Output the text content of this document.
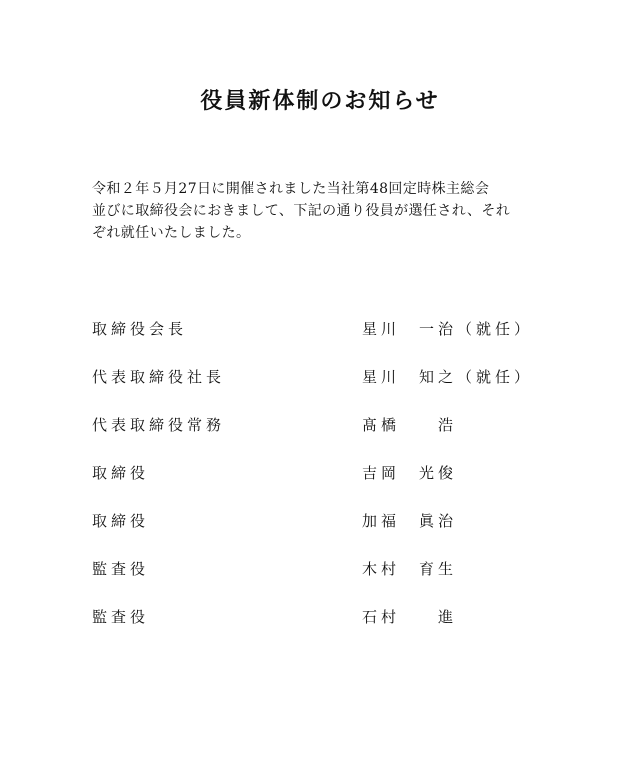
役員新体制のお知らせ
令和２年５月27日に開催されました当社第48回定時株主総会
並びに取締役会におきまして、下記の通り役員が選任され、それ
ぞれ就任いたしました。
取締役会長	星川　一治（就任）
代表取締役社長	星川　知之（就任）
代表取締役常務	髙橋　　浩
取締役	吉岡　光俊
取締役	加福　眞治
監査役	木村　育生
監査役	石村　　進
